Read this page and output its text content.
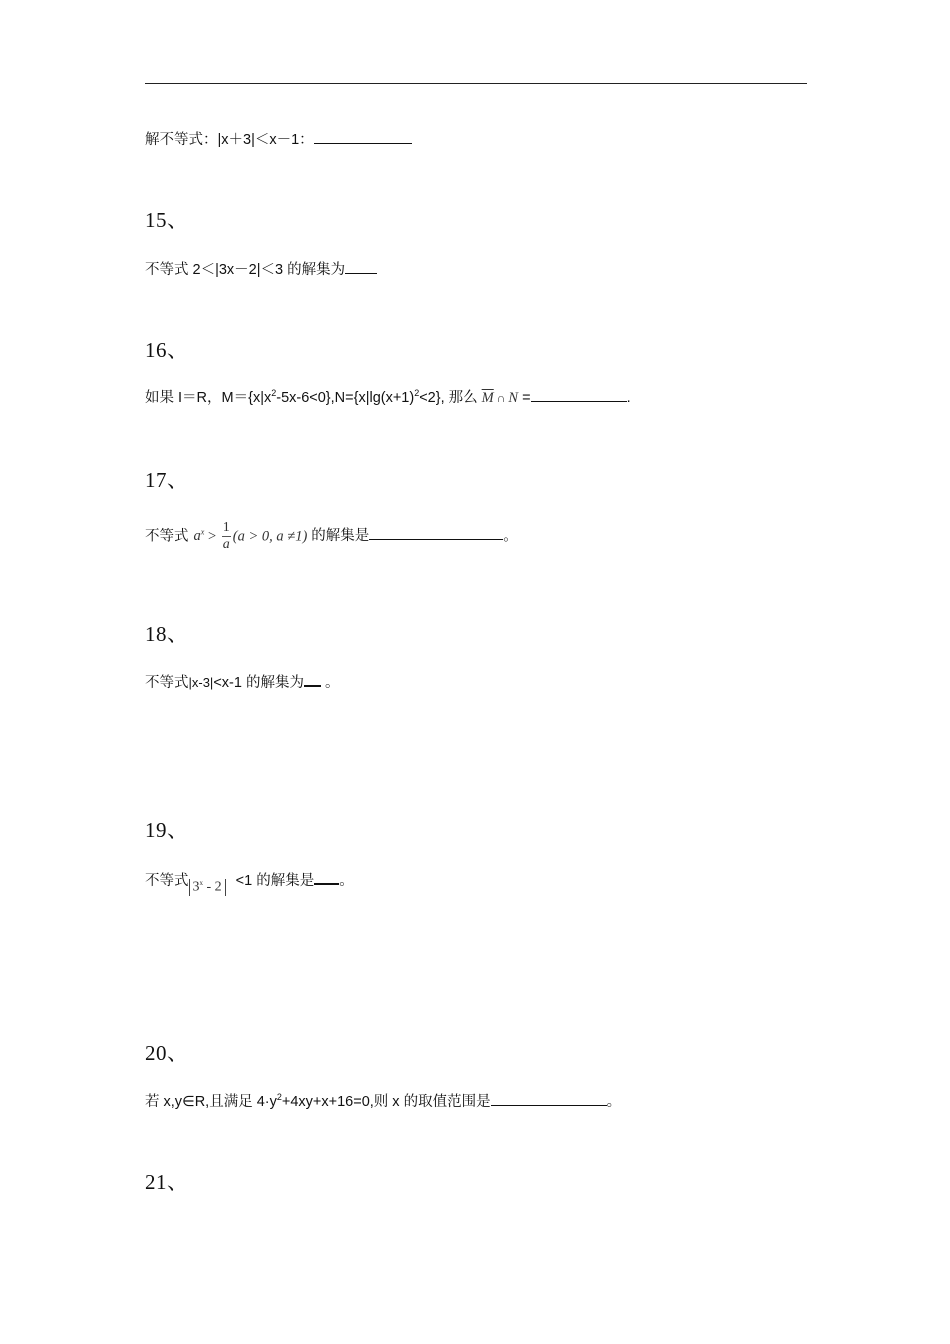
解不等式：|x＋3|＜x－1：
15、
不等式 2＜|3x－2|＜3 的解集为
16、
如果 I＝R，$M=\{x|x^2-5x-6<0\},N=\{x|\lg(x+1)^2<2\}$, 那么 $\overline{M}$ ∩ N =	.
17、
不等式 $a^x > \frac{1}{a} (a > 0$, a ≠1) 的解集是	。
18、
不等式|x-3|<x-1 的解集为 。
19、
不等式 3$^x$ - 2 <1 的解集是 。
20、
若 x,y∈R,且满足 $4\cdot y^2+4xy+x+16=0$,则 x 的取值范围是	。
21、
